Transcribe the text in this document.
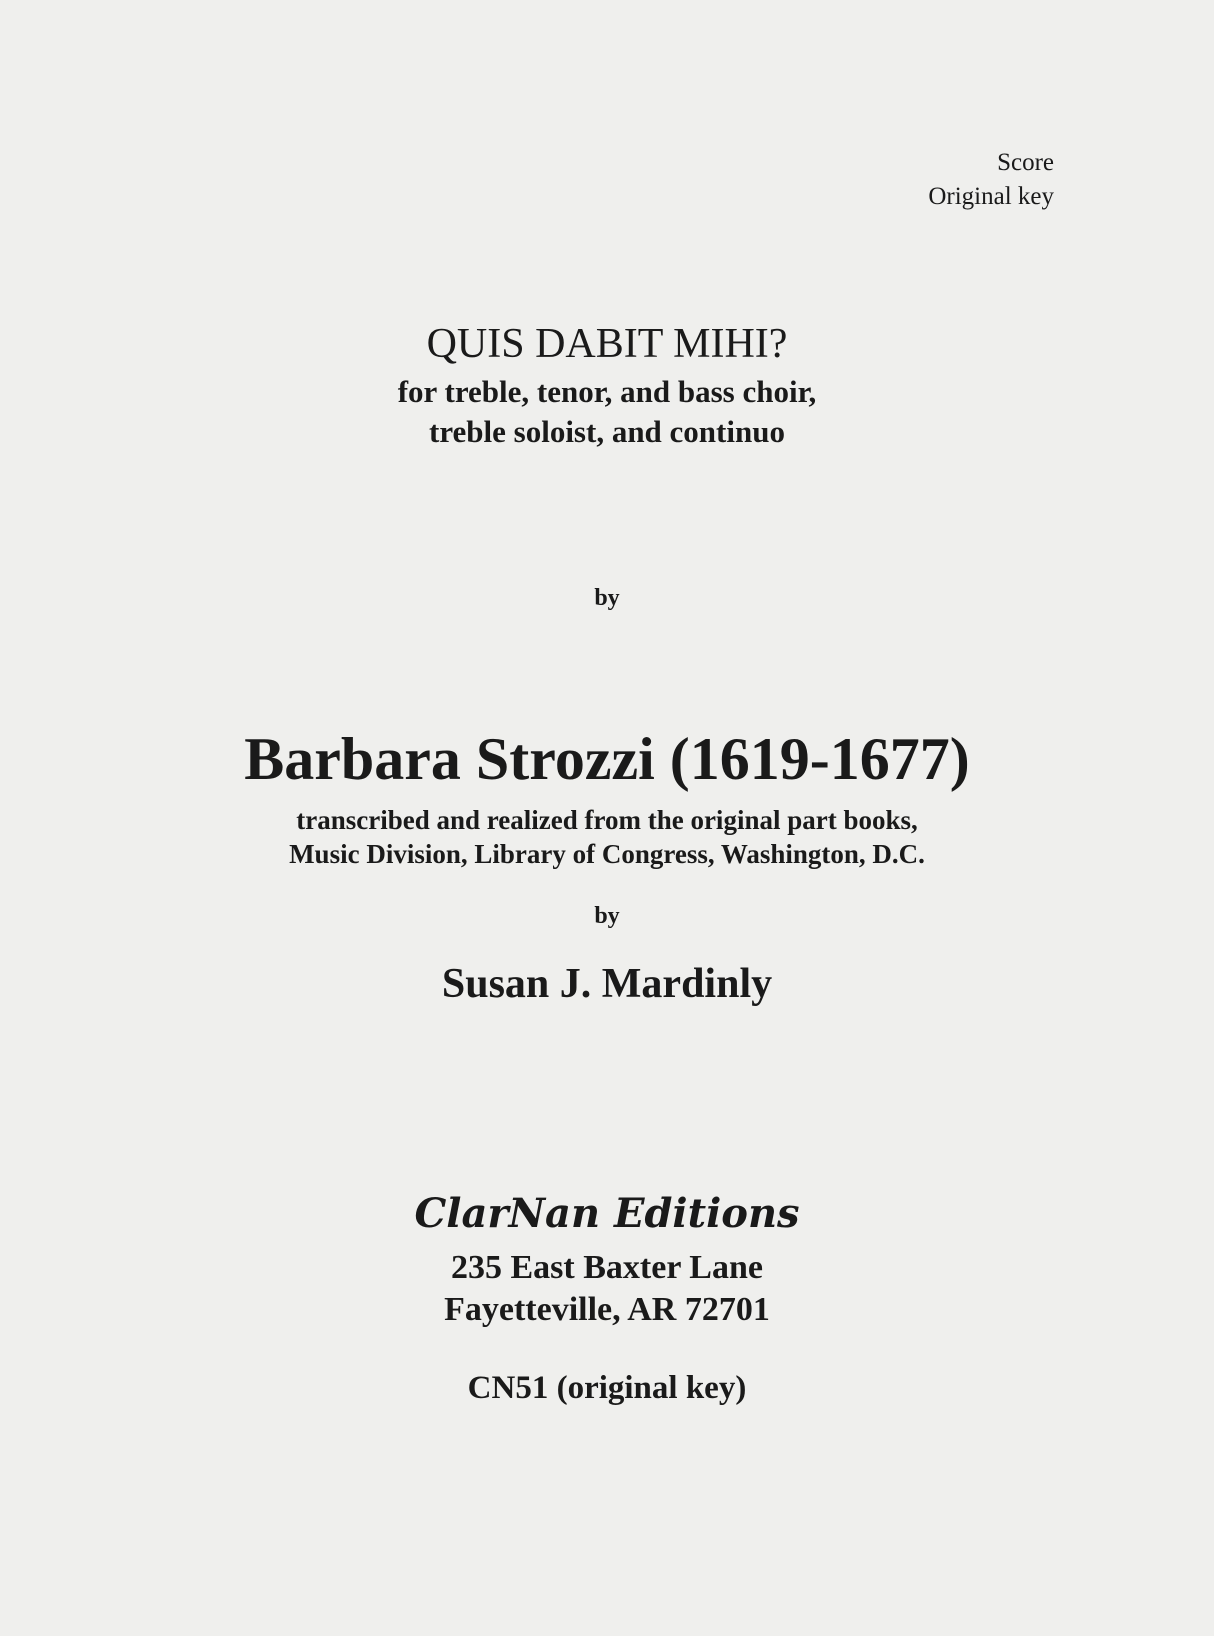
Score
Original key
QUIS DABIT MIHI?
for treble, tenor, and bass choir,
treble soloist, and continuo
by
Barbara Strozzi (1619-1677)
transcribed and realized from the original part books,
Music Division, Library of Congress, Washington, D.C.
by
Susan J. Mardinly
ClarNan Editions
235 East Baxter Lane
Fayetteville, AR 72701
CN51 (original key)
